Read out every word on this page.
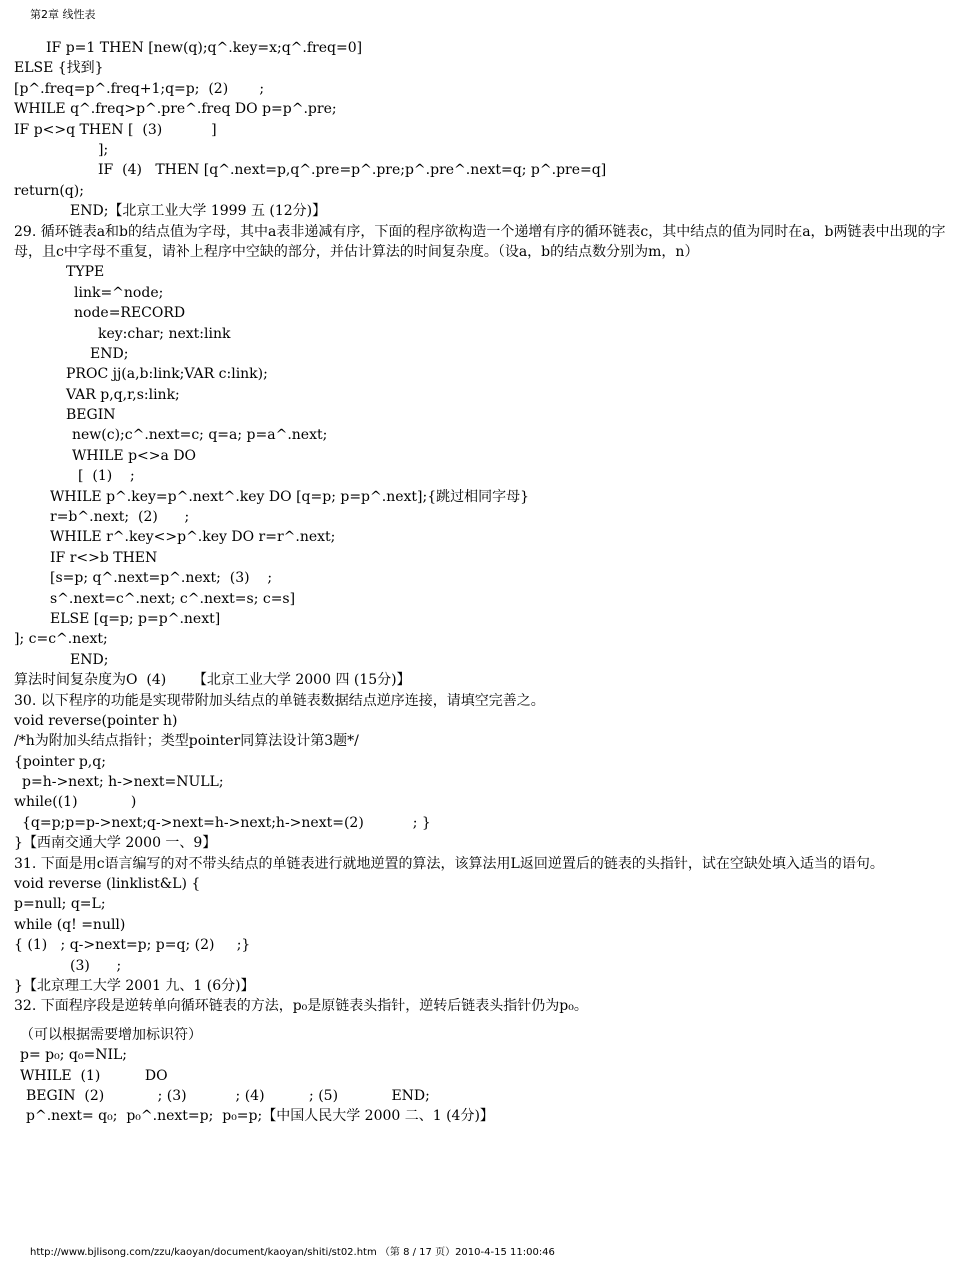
第2章 线性表
IF p=1 THEN [new(q);q^.key=x;q^.freq=0]
ELSE {找到}
[p^.freq=p^.freq+1;q=p;  (2)       ;
WHILE q^.freq>p^.pre^.freq DO p=p^.pre;
IF p<>q THEN [  (3)           ]
];
IF  (4)   THEN [q^.next=p,q^.pre=p^.pre;p^.pre^.next=q; p^.pre=q]
return(q);
END;【北京工业大学 1999 五 (12分)】
29. 循环链表a和b的结点值为字母，其中a表非递减有序，下面的程序欲构造一个递增有序的循环链表c，其中结点的值为同时在a，b两链表中出现的字母，且c中字母不重复，请补上程序中空缺的部分，并估计算法的时间复杂度。（设a，b的结点数分别为m，n）
TYPE
link=^node;
node=RECORD
key:char; next:link
END;
PROC jj(a,b:link;VAR c:link);
VAR p,q,r,s:link;
BEGIN
new(c);c^.next=c; q=a; p=a^.next;
WHILE p<>a DO
[  (1)    ;
WHILE p^.key=p^.next^.key DO [q=p; p=p^.next];{跳过相同字母}
r=b^.next;  (2)      ;
WHILE r^.key<>p^.key DO r=r^.next;
IF r<>b THEN
[s=p; q^.next=p^.next;  (3)    ;
s^.next=c^.next; c^.next=s; c=s]
ELSE [q=p; p=p^.next]
]; c=c^.next;
END;
算法时间复杂度为O  (4)      【北京工业大学 2000 四 (15分)】
30. 以下程序的功能是实现带附加头结点的单链表数据结点逆序连接，请填空完善之。
void reverse(pointer h)
/*h为附加头结点指针；类型pointer同算法设计第3题*/
{pointer p,q;
p=h->next; h->next=NULL;
while((1)            )
{q=p;p=p->next;q->next=h->next;h->next=(2)           ; }
}【西南交通大学 2000 一、9】
31. 下面是用c语言编写的对不带头结点的单链表进行就地逆置的算法，该算法用L返回逆置后的链表的头指针，试在空缺处填入适当的语句。
void reverse (linklist&L) {
p=null; q=L;
while (q! =null)
{ (1)   ; q->next=p; p=q; (2)     ;}
(3)      ;
}【北京理工大学 2001 九、1 (6分)】
32. 下面程序段是逆转单向循环链表的方法，p₀是原链表头指针，逆转后链表头指针仍为p₀。
（可以根据需要增加标识符）
p= p₀; q₀=NIL;
WHILE  (1)          DO
BEGIN  (2)            ; (3)           ; (4)          ; (5)            END;
p^.next= q₀;  p₀^.next=p;  p₀=p;【中国人民大学 2000 二、1 (4分)】
http://www.bjlisong.com/zzu/kaoyan/document/kaoyan/shiti/st02.htm （第 8 / 17 页）2010-4-15 11:00:46
